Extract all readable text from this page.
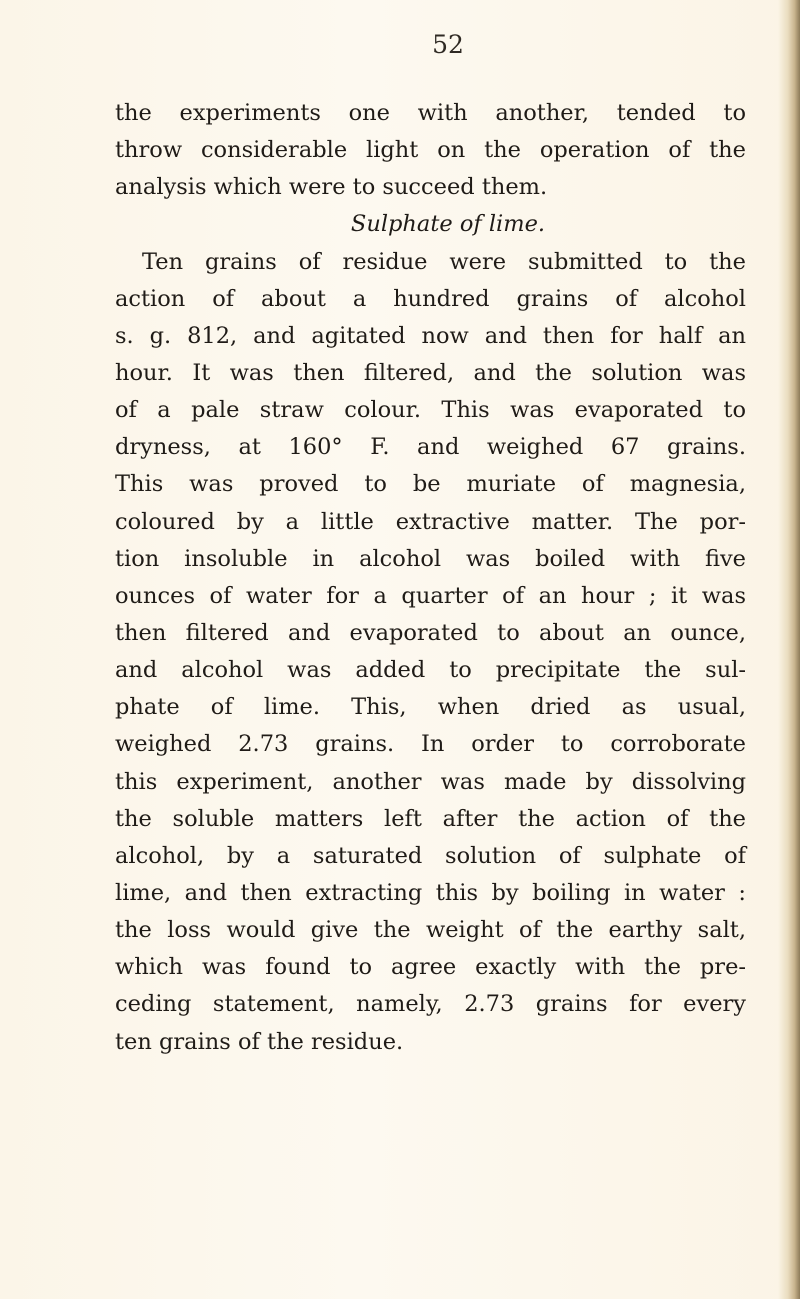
52
the experiments one with another, tended to
throw considerable light on the operation of the
analysis which were to succeed them.
Sulphate of lime.
Ten grains of residue were submitted to the
action of about a hundred grains of alcohol
s. g. 812, and agitated now and then for half an
hour. It was then filtered, and the solution was
of a pale straw colour. This was evaporated to
dryness, at 160° F. and weighed 67 grains.
This was proved to be muriate of magnesia,
coloured by a little extractive matter. The por-
tion insoluble in alcohol was boiled with five
ounces of water for a quarter of an hour ; it was
then filtered and evaporated to about an ounce,
and alcohol was added to precipitate the sul-
phate of lime. This, when dried as usual,
weighed 2.73 grains. In order to corroborate
this experiment, another was made by dissolving
the soluble matters left after the action of the
alcohol, by a saturated solution of sulphate of
lime, and then extracting this by boiling in water :
the loss would give the weight of the earthy salt,
which was found to agree exactly with the pre-
ceding statement, namely, 2.73 grains for every
ten grains of the residue.
